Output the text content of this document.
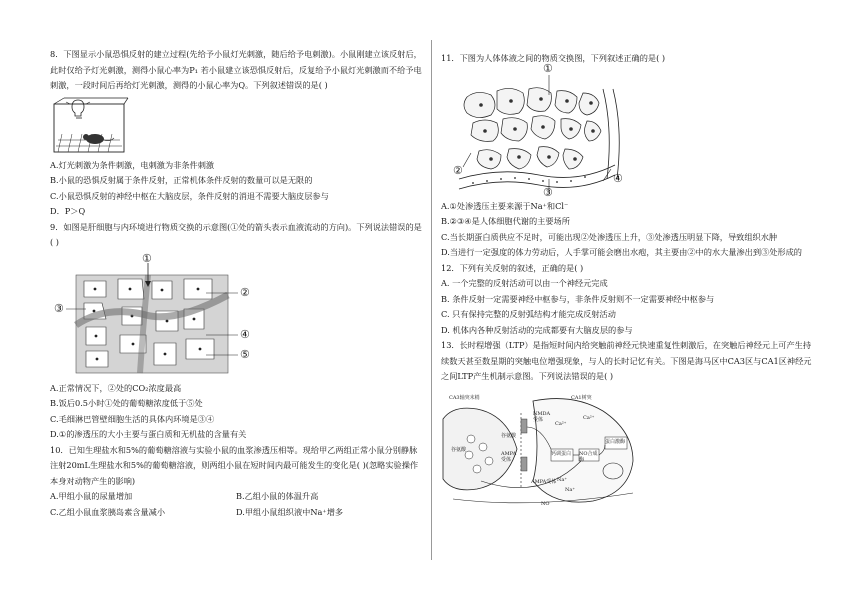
8．下图显示小鼠恐惧反射的建立过程(先给予小鼠灯光刺激，随后给予电刺激)。小鼠刚建立该反射后，此时仅给予灯光刺激，测得小鼠心率为P₁ 若小鼠建立该恐惧反射后，反复给予小鼠灯光刺激而不给予电刺激，一段时间后再给灯光刺激，测得的小鼠心率为Q。下列叙述错误的是( )

A.灯光刺激为条件刺激，电刺激为非条件刺激

B.小鼠的恐惧反射属于条件反射，正常机体条件反射的数量可以是无限的

C.小鼠恐惧反射的神经中枢在大脑皮层，条件反射的消退不需要大脑皮层参与

D．P＞Q

9．如图是肝细胞与内环境进行物质交换的示意图(①处的箭头表示血液流动的方向)。下列说法错误的是( )

①
②
③
④
⑤

A.正常情况下，②处的CO₂浓度最高

B.饭后0.5小时①处的葡萄糖浓度低于⑤处

C.毛细淋巴管壁细胞生活的具体内环境是③④

D.①的渗透压的大小主要与蛋白质和无机盐的含量有关

10．已知生理盐水和5%的葡萄糖溶液与实验小鼠的血浆渗透压相等。现给甲乙两组正常小鼠分别静脉注射20mL生理盐水和5%的葡萄糖溶液，则两组小鼠在短时间内最可能发生的变化是( )(忽略实验操作本身对动物产生的影响)

A.甲组小鼠的尿量增加	B.乙组小鼠的体温升高
C.乙组小鼠血浆胰岛素含量减小	D.甲组小鼠组织液中Na⁺增多

11．下图为人体体液之间的物质交换图，下列叙述正确的是( )

①
②
③
④

A.①处渗透压主要来源于Na⁺和Cl⁻

B.②③④是人体细胞代谢的主要场所

C.当长期蛋白质供应不足时，可能出现②处渗透压上升，③处渗透压明显下降，导致组织水肿

D.当进行一定强度的体力劳动后，人手掌可能会磨出水疱，其主要由②中的水大量渗出到③处形成的

12．下列有关反射的叙述，正确的是( )

A. 一个完整的反射活动可以由一个神经元完成

B. 条件反射一定需要神经中枢参与，非条件反射则不一定需要神经中枢参与

C. 只有保持完整的反射弧结构才能完成反射活动

D. 机体内各种反射活动的完成都要有大脑皮层的参与

13．长时程增强（LTP）是指短时间内给突触前神经元快速重复性刺激后，在突触后神经元上可产生持续数天甚至数星期的突触电位增强现象，与人的长时记忆有关。下图是海马区中CA3区与CA1区神经元之间LTP产生机制示意图。下列说法错误的是( )

CA3轴突末梢	CA1树突
NMDA受体
AMPA受体
谷氨酸
Ca²⁺
钙调蛋白	NO合成酶
蛋白激酶
AMPA受体 Na⁺
NO
谷氨酸
Ca²⁺
Na⁺
